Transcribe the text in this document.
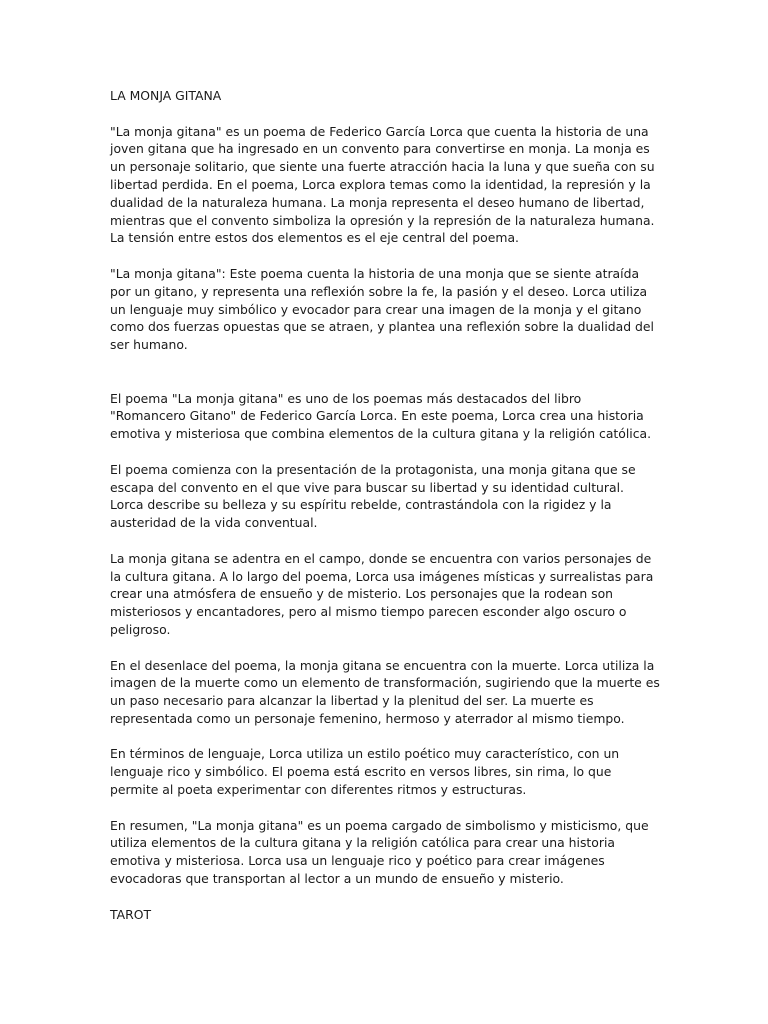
LA MONJA GITANA

"La monja gitana" es un poema de Federico García Lorca que cuenta la historia de una joven gitana que ha ingresado en un convento para convertirse en monja. La monja es un personaje solitario, que siente una fuerte atracción hacia la luna y que sueña con su libertad perdida. En el poema, Lorca explora temas como la identidad, la represión y la dualidad de la naturaleza humana. La monja representa el deseo humano de libertad, mientras que el convento simboliza la opresión y la represión de la naturaleza humana. La tensión entre estos dos elementos es el eje central del poema.

"La monja gitana": Este poema cuenta la historia de una monja que se siente atraída por un gitano, y representa una reflexión sobre la fe, la pasión y el deseo. Lorca utiliza un lenguaje muy simbólico y evocador para crear una imagen de la monja y el gitano como dos fuerzas opuestas que se atraen, y plantea una reflexión sobre la dualidad del ser humano.

El poema "La monja gitana" es uno de los poemas más destacados del libro "Romancero Gitano" de Federico García Lorca. En este poema, Lorca crea una historia emotiva y misteriosa que combina elementos de la cultura gitana y la religión católica.

El poema comienza con la presentación de la protagonista, una monja gitana que se escapa del convento en el que vive para buscar su libertad y su identidad cultural. Lorca describe su belleza y su espíritu rebelde, contrastándola con la rigidez y la austeridad de la vida conventual.

La monja gitana se adentra en el campo, donde se encuentra con varios personajes de la cultura gitana. A lo largo del poema, Lorca usa imágenes místicas y surrealistas para crear una atmósfera de ensueño y de misterio. Los personajes que la rodean son misteriosos y encantadores, pero al mismo tiempo parecen esconder algo oscuro o peligroso.

En el desenlace del poema, la monja gitana se encuentra con la muerte. Lorca utiliza la imagen de la muerte como un elemento de transformación, sugiriendo que la muerte es un paso necesario para alcanzar la libertad y la plenitud del ser. La muerte es representada como un personaje femenino, hermoso y aterrador al mismo tiempo.

En términos de lenguaje, Lorca utiliza un estilo poético muy característico, con un lenguaje rico y simbólico. El poema está escrito en versos libres, sin rima, lo que permite al poeta experimentar con diferentes ritmos y estructuras.

En resumen, "La monja gitana" es un poema cargado de simbolismo y misticismo, que utiliza elementos de la cultura gitana y la religión católica para crear una historia emotiva y misteriosa. Lorca usa un lenguaje rico y poético para crear imágenes evocadoras que transportan al lector a un mundo de ensueño y misterio.

TAROT
